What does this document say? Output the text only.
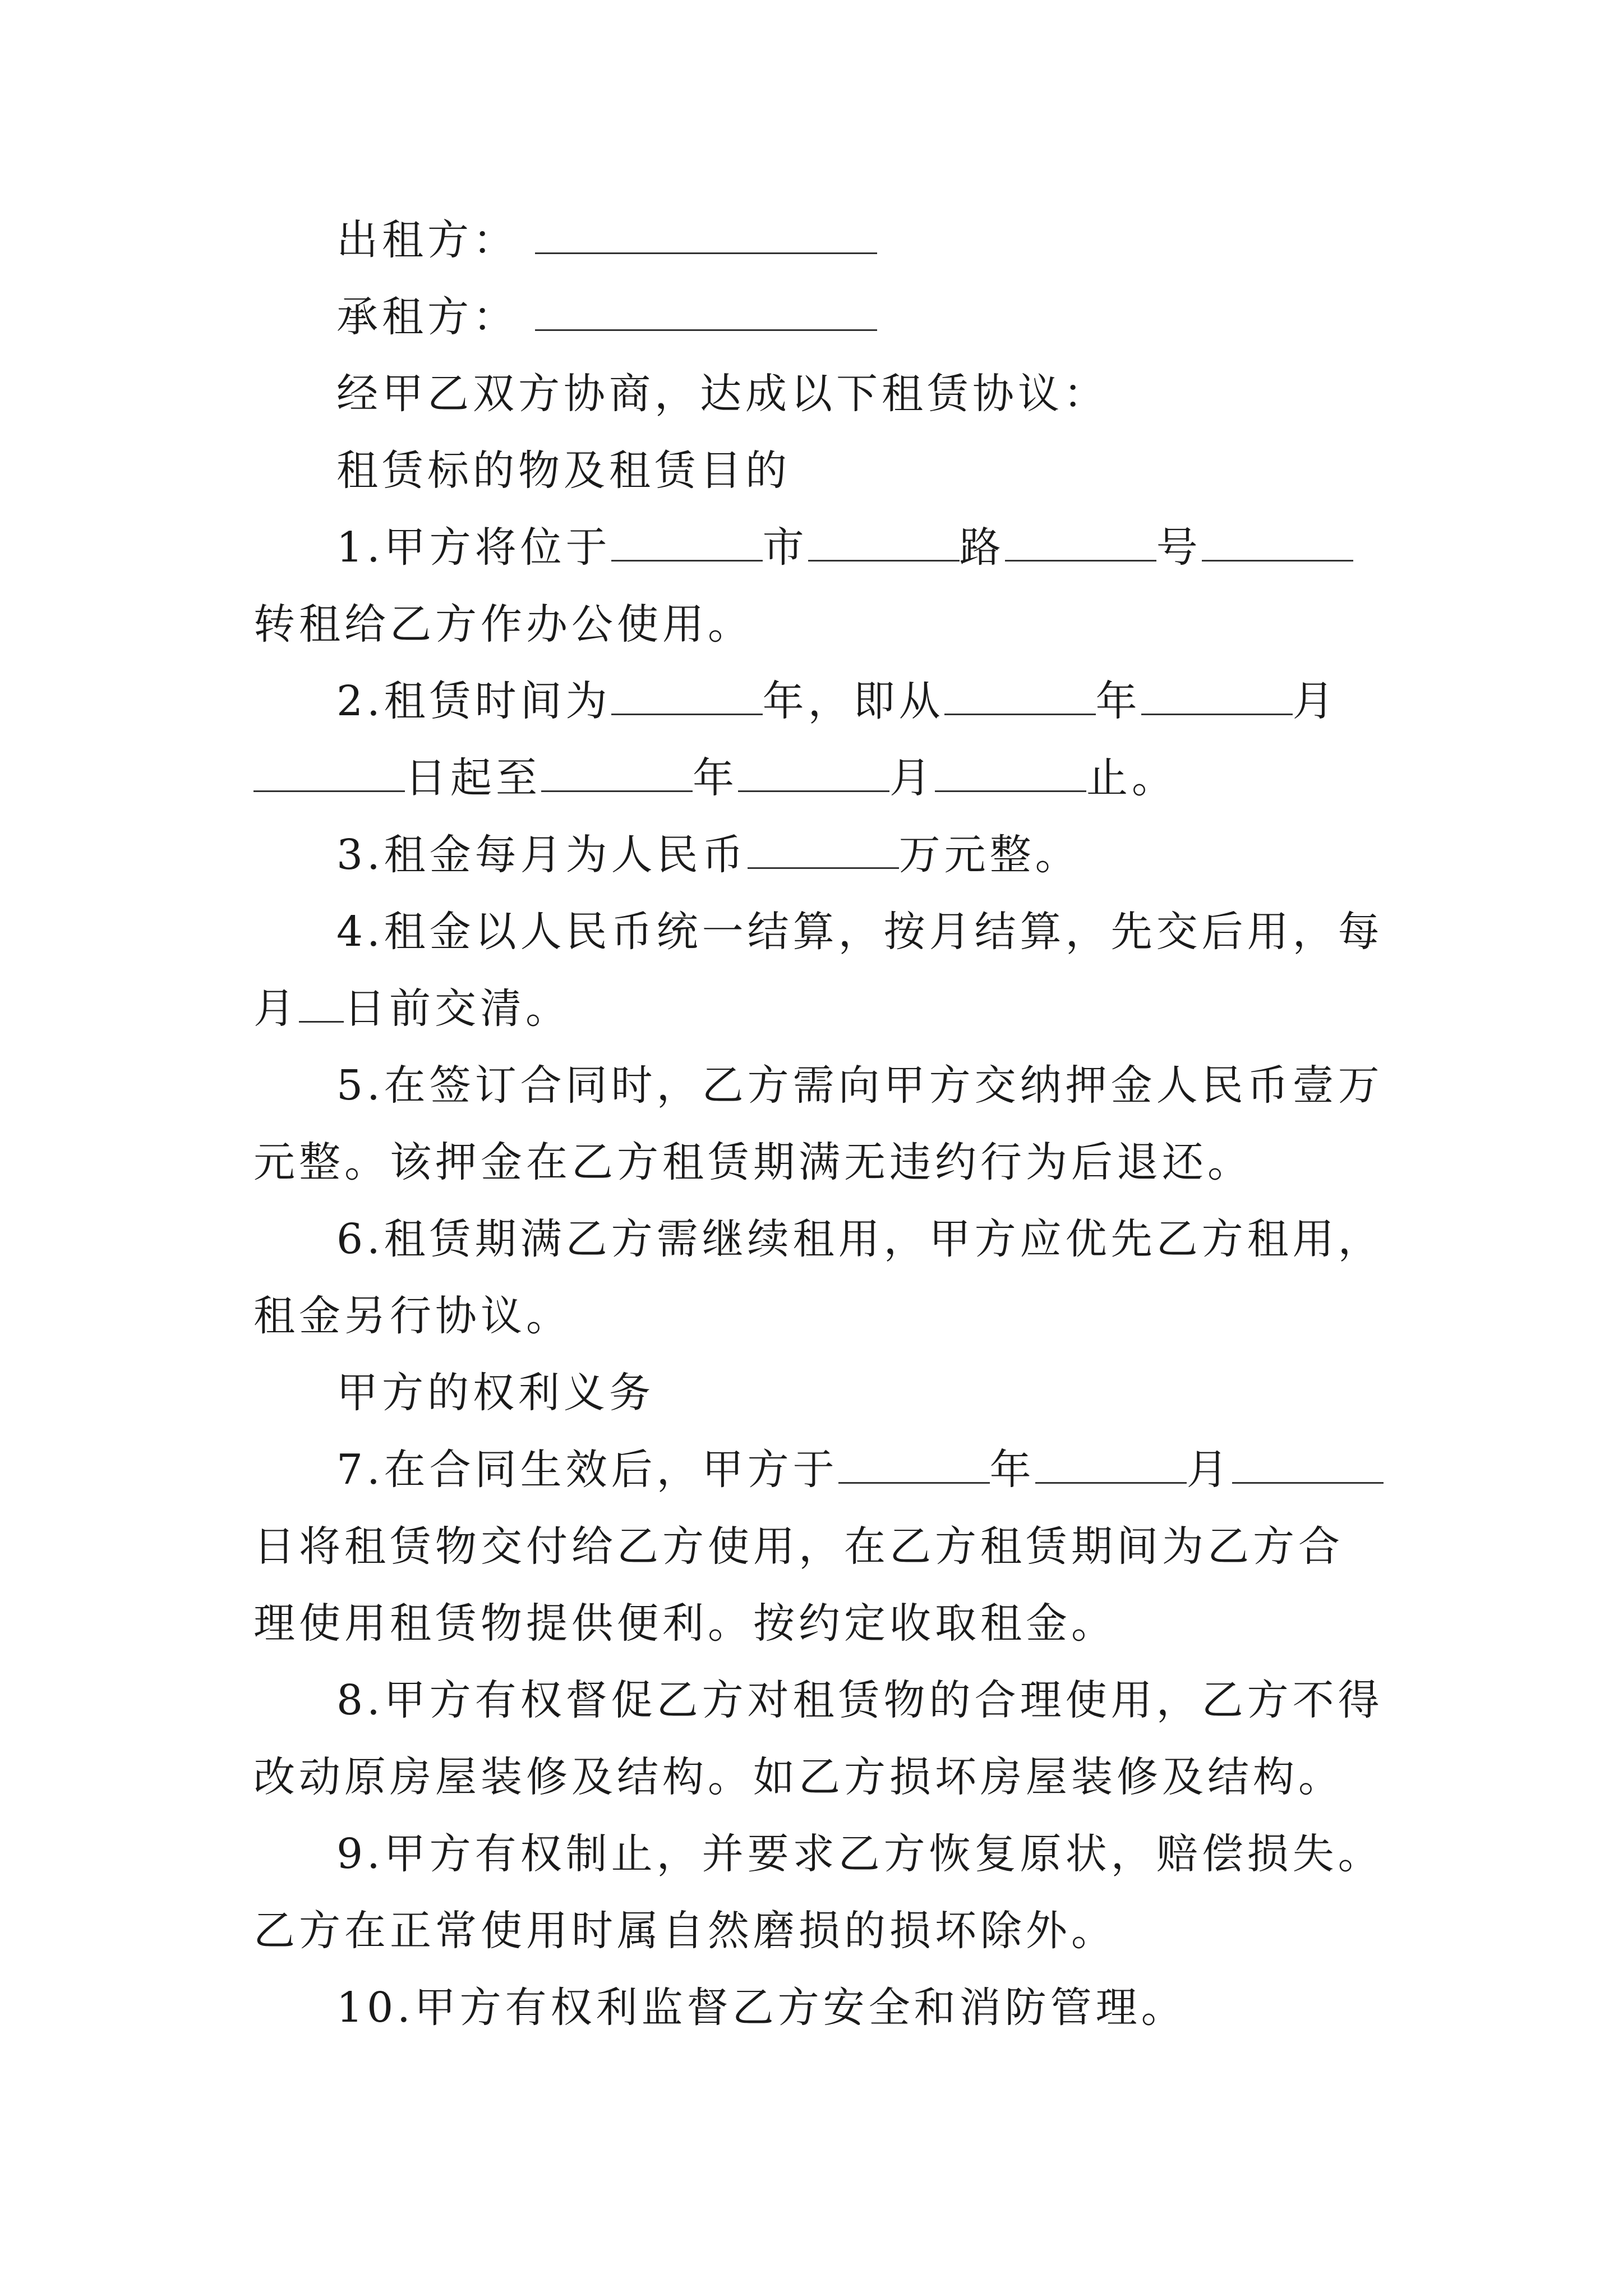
出租方：

承租方：

经甲乙双方协商，达成以下租赁协议：

租赁标的物及租赁目的

1.甲方将位于	市	路	号转租给乙方作办公使用。

2.租赁时间为	年，即从	年	月日起至	年	月	止。

3.租金每月为人民币	万元整。

4.租金以人民币统一结算，按月结算，先交后用，每月 日前交清。

5.在签订合同时，乙方需向甲方交纳押金人民币壹万元整。该押金在乙方租赁期满无违约行为后退还。

6.租赁期满乙方需继续租用，甲方应优先乙方租用，租金另行协议。

甲方的权利义务

7.在合同生效后，甲方于	年	月日将租赁物交付给乙方使用，在乙方租赁期间为乙方合理使用租赁物提供便利。按约定收取租金。

8.甲方有权督促乙方对租赁物的合理使用，乙方不得改动原房屋装修及结构。如乙方损坏房屋装修及结构。

9.甲方有权制止，并要求乙方恢复原状，赔偿损失。乙方在正常使用时属自然磨损的损坏除外。

10.甲方有权利监督乙方安全和消防管理。
